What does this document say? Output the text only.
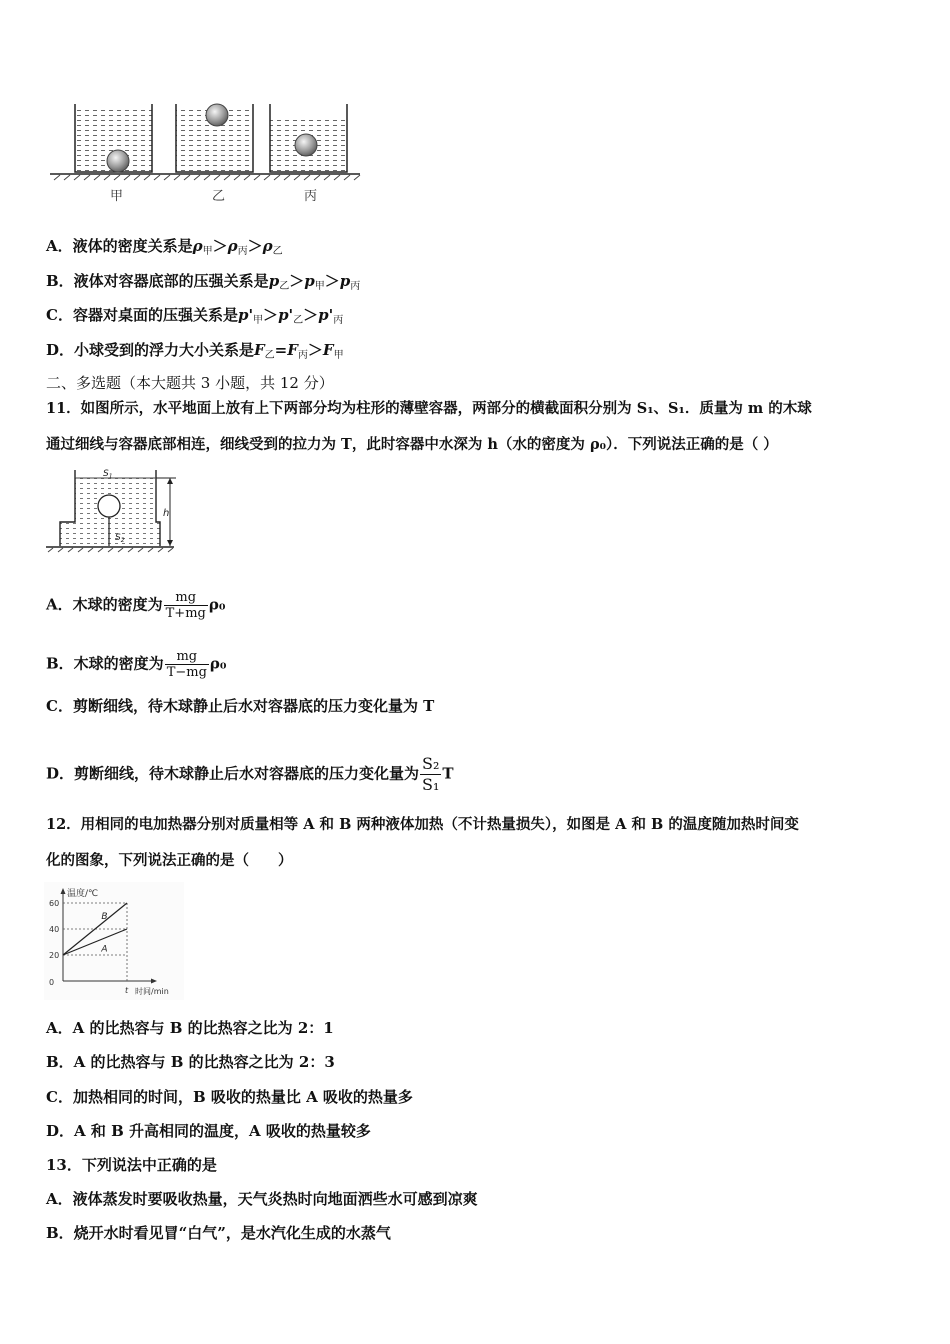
甲	乙	丙
A．液体的密度关系是$\rho_甲>\rho_丙>\rho_乙$
B．液体对容器底部的压强关系是$p_乙>p_甲>p_丙$
C．容器对桌面的压强关系是$p'_甲>p'_乙>p'_丙$
D．小球受到的浮力大小关系是$F_乙=F_丙>F_甲$
二、多选题（本大题共 3 小题，共 12 分）
11．如图所示，水平地面上放有上下两部分均为柱形的薄壁容器，两部分的横截面积分别为 S₁、S₁．质量为 m 的木球
通过细线与容器底部相连，细线受到的拉力为 T，此时容器中水深为 h（水的密度为 ρ₀）．下列说法正确的是（ ）
h
$S_1$
$S_2$
A．木球的密度为 $\frac{mg}{T+mg} \rho_0$
B．木球的密度为 $\frac{mg}{T-mg} \rho_0$
C．剪断细线，待木球静止后水对容器底的压力变化量为 T
D．剪断细线，待木球静止后水对容器底的压力变化量为 $\frac{\text{S₂}}{\text{S₁}}$ T
12．用相同的电加热器分别对质量相等 A 和 B 两种液体加热（不计热量损失），如图是 A 和 B 的温度随加热时间变
化的图象，下列说法正确的是（　　）
温度/℃
时间/min
60
40
20
0
t
B
A
A．A 的比热容与 B 的比热容之比为 2：1
B．A 的比热容与 B 的比热容之比为 2：3
C．加热相同的时间，B 吸收的热量比 A 吸收的热量多
D．A 和 B 升高相同的温度，A 吸收的热量较多
13．下列说法中正确的是
A．液体蒸发时要吸收热量，天气炎热时向地面洒些水可感到凉爽
B．烧开水时看见冒“白气”，是水汽化生成的水蒸气
